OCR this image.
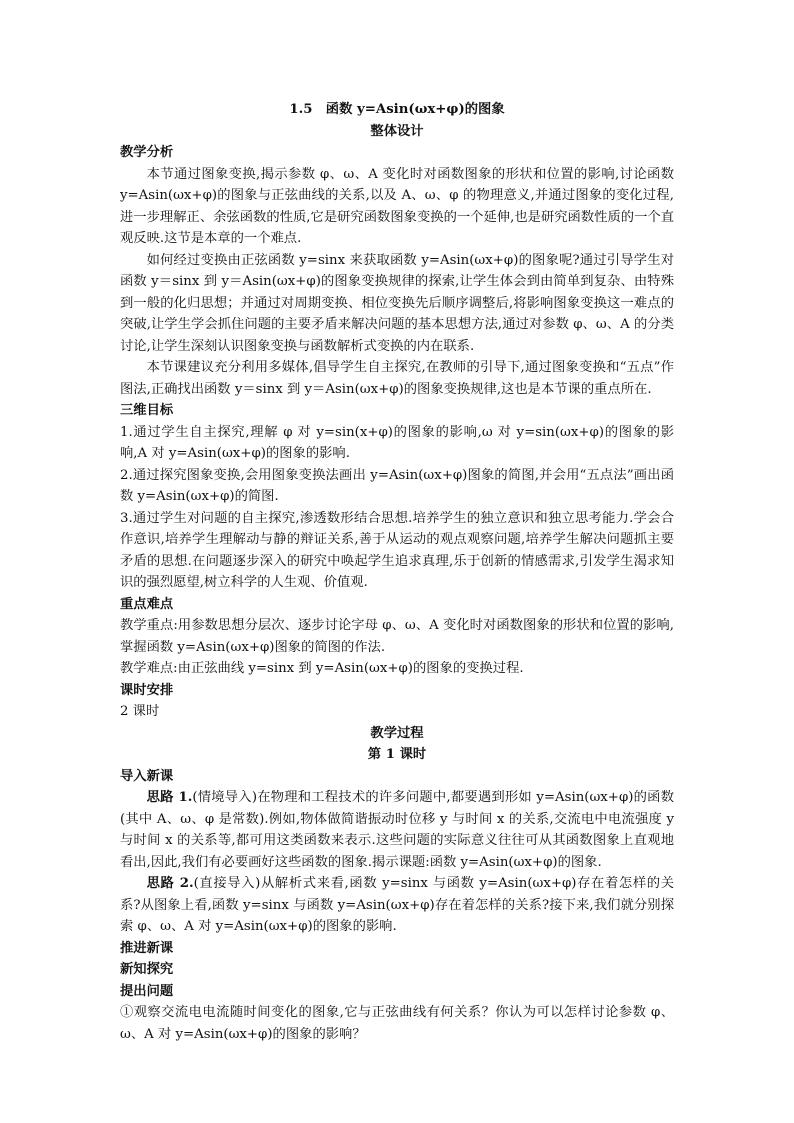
1.5　函数 y=Asin(ωx+φ)的图象
整体设计
教学分析
本节通过图象变换,揭示参数 φ、ω、A 变化时对函数图象的形状和位置的影响,讨论函数 y=Asin(ωx+φ)的图象与正弦曲线的关系,以及 A、ω、φ 的物理意义,并通过图象的变化过程,进一步理解正、余弦函数的性质,它是研究函数图象变换的一个延伸,也是研究函数性质的一个直观反映.这节是本章的一个难点.
如何经过变换由正弦函数 y=sinx 来获取函数 y=Asin(ωx+φ)的图象呢?通过引导学生对函数 y＝sinx 到 y＝Asin(ωx+φ)的图象变换规律的探索,让学生体会到由简单到复杂、由特殊到一般的化归思想；并通过对周期变换、相位变换先后顺序调整后,将影响图象变换这一难点的突破,让学生学会抓住问题的主要矛盾来解决问题的基本思想方法,通过对参数 φ、ω、A 的分类讨论,让学生深刻认识图象变换与函数解析式变换的内在联系.
本节课建议充分利用多媒体,倡导学生自主探究,在教师的引导下,通过图象变换和“五点”作图法,正确找出函数 y＝sinx 到 y＝Asin(ωx+φ)的图象变换规律,这也是本节课的重点所在.
三维目标
1.通过学生自主探究,理解 φ 对 y=sin(x+φ)的图象的影响,ω 对 y=sin(ωx+φ)的图象的影响,A 对 y=Asin(ωx+φ)的图象的影响.
2.通过探究图象变换,会用图象变换法画出 y=Asin(ωx+φ)图象的简图,并会用“五点法”画出函数 y=Asin(ωx+φ)的简图.
3.通过学生对问题的自主探究,渗透数形结合思想.培养学生的独立意识和独立思考能力.学会合作意识,培养学生理解动与静的辩证关系,善于从运动的观点观察问题,培养学生解决问题抓主要矛盾的思想.在问题逐步深入的研究中唤起学生追求真理,乐于创新的情感需求,引发学生渴求知识的强烈愿望,树立科学的人生观、价值观.
重点难点
教学重点:用参数思想分层次、逐步讨论字母 φ、ω、A 变化时对函数图象的形状和位置的影响,掌握函数 y=Asin(ωx+φ)图象的简图的作法.
教学难点:由正弦曲线 y=sinx 到 y=Asin(ωx+φ)的图象的变换过程.
课时安排
2 课时
教学过程
第 1 课时
导入新课
思路 1.(情境导入)在物理和工程技术的许多问题中,都要遇到形如 y=Asin(ωx+φ)的函数(其中 A、ω、φ 是常数).例如,物体做简谐振动时位移 y 与时间 x 的关系,交流电中电流强度 y 与时间 x 的关系等,都可用这类函数来表示.这些问题的实际意义往往可从其函数图象上直观地看出,因此,我们有必要画好这些函数的图象.揭示课题:函数 y=Asin(ωx+φ)的图象.
思路 2.(直接导入)从解析式来看,函数 y=sinx 与函数 y=Asin(ωx+φ)存在着怎样的关系?从图象上看,函数 y=sinx 与函数 y=Asin(ωx+φ)存在着怎样的关系?接下来,我们就分别探索 φ、ω、A 对 y=Asin(ωx+φ)的图象的影响.
推进新课
新知探究
提出问题
①观察交流电电流随时间变化的图象,它与正弦曲线有何关系？你认为可以怎样讨论参数 φ、ω、A 对 y=Asin(ωx+φ)的图象的影响？
